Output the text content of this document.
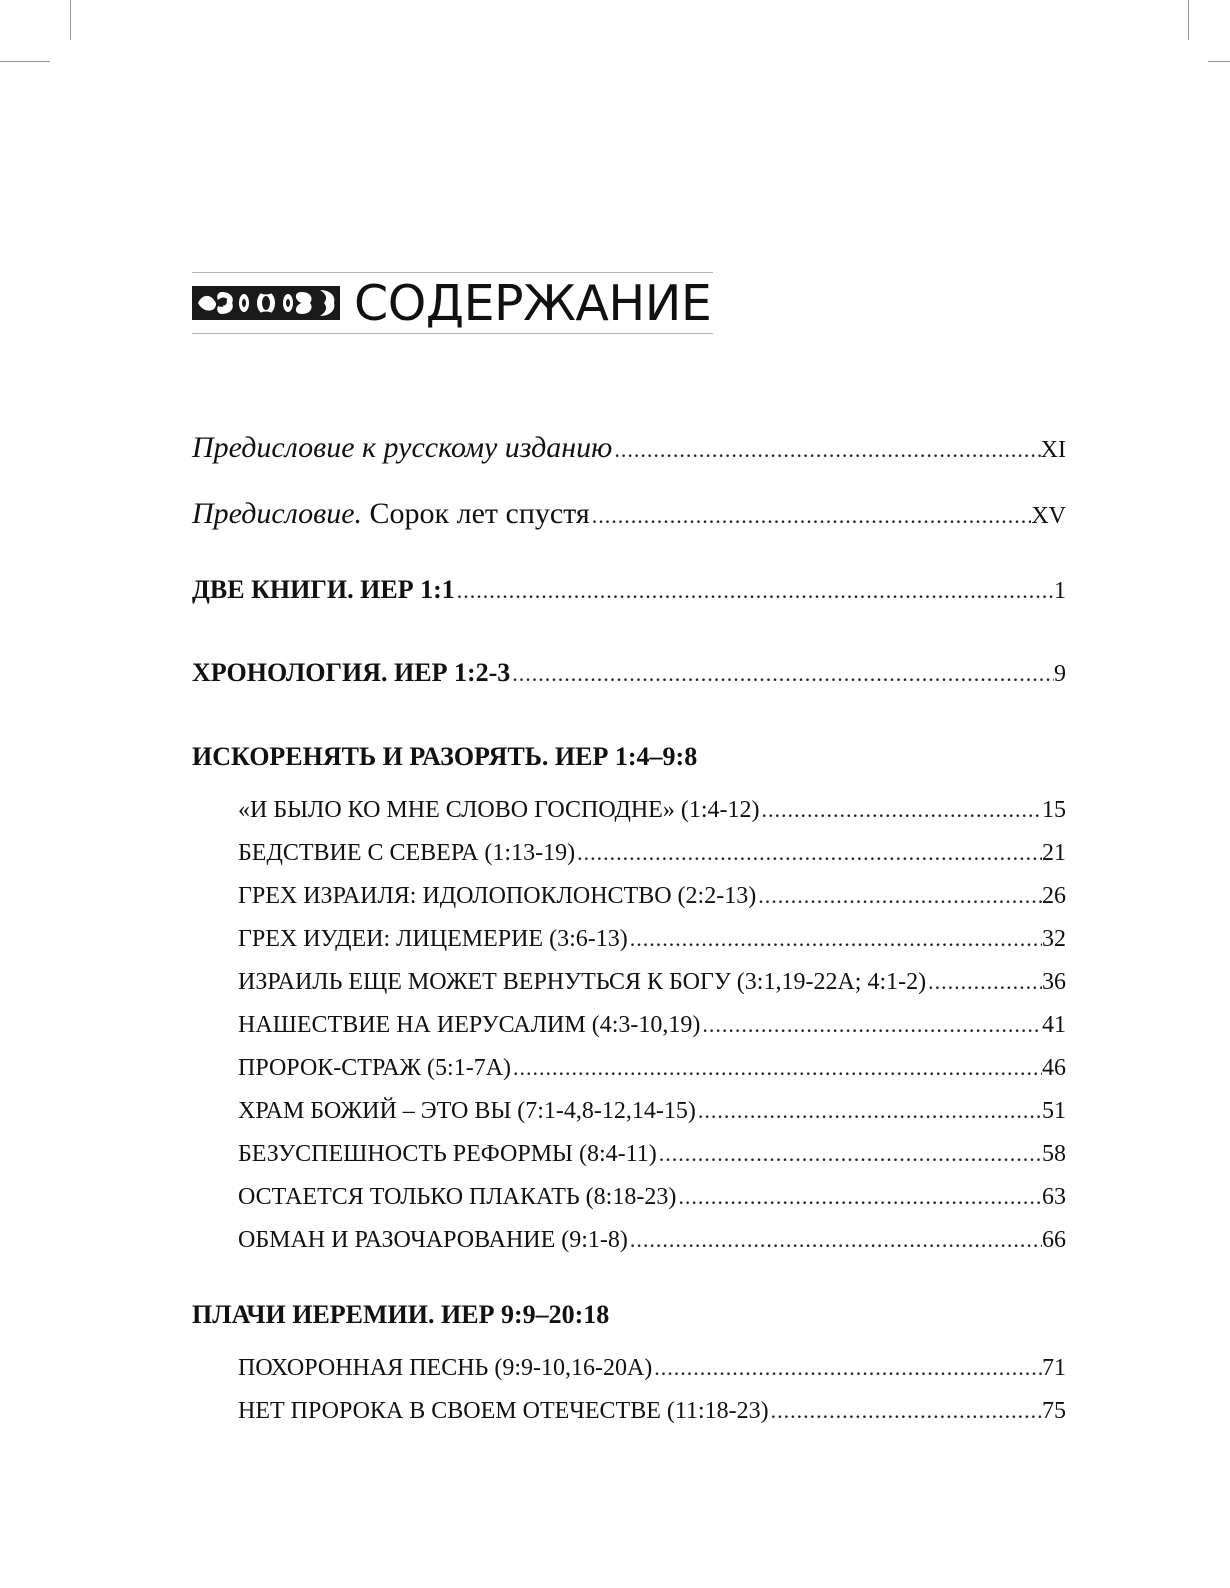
СОДЕРЖАНИЕ
Предисловие к русскому изданию .....	XI
Предисловие. Сорок лет спустя .....	XV
ДВЕ КНИГИ. ИЕР 1:1 .....	1
ХРОНОЛОГИЯ. ИЕР 1:2-3 .....	9
ИСКОРЕНЯТЬ И РАЗОРЯТЬ. ИЕР 1:4–9:8
«И БЫЛО КО МНЕ СЛОВО ГОСПОДНЕ» (1:4-12) .....	15
БЕДСТВИЕ С СЕВЕРА (1:13-19) .....	21
ГРЕХ ИЗРАИЛЯ: ИДОЛОПОКЛОНСТВО (2:2-13) .....	26
ГРЕХ ИУДЕИ: ЛИЦЕМЕРИЕ (3:6-13) .....	32
ИЗРАИЛЬ ЕЩЕ МОЖЕТ ВЕРНУТЬСЯ К БОГУ (3:1,19-22А; 4:1-2) .....	36
НАШЕСТВИЕ НА ИЕРУСАЛИМ (4:3-10,19) .....	41
ПРОРОК-СТРАЖ (5:1-7А) .....	46
ХРАМ БОЖИЙ – ЭТО ВЫ (7:1-4,8-12,14-15) .....	51
БЕЗУСПЕШНОСТЬ РЕФОРМЫ (8:4-11) .....	58
ОСТАЕТСЯ ТОЛЬКО ПЛАКАТЬ (8:18-23) .....	63
ОБМАН И РАЗОЧАРОВАНИЕ (9:1-8) .....	66
ПЛАЧИ ИЕРЕМИИ. ИЕР 9:9–20:18
ПОХОРОННАЯ ПЕСНЬ (9:9-10,16-20А) .....	71
НЕТ ПРОРОКА В СВОЕМ ОТЕЧЕСТВЕ (11:18-23) .....	75
